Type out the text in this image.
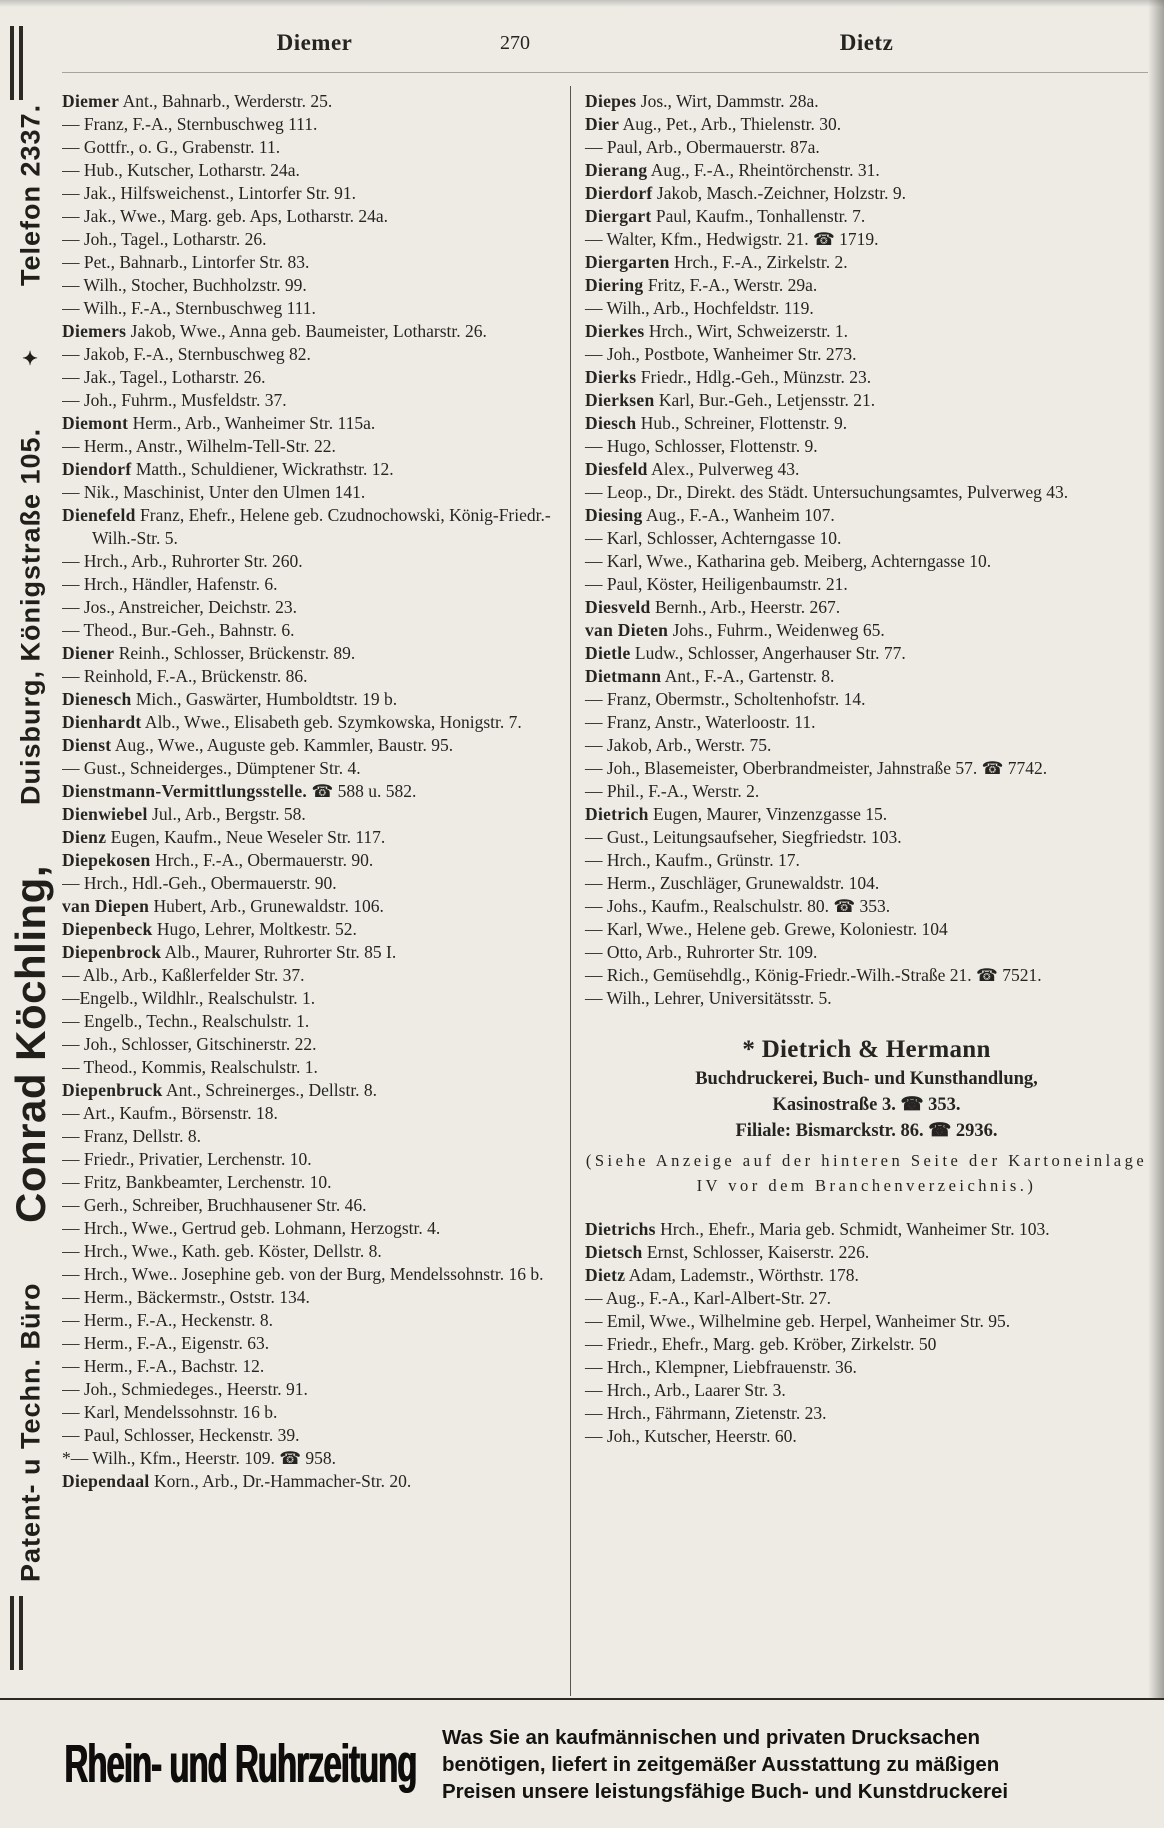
Patent- u Techn. Büro
Conrad Köchling,
Duisburg, Königstraße 105.
✦
Telefon 2337.
Diemer	270	Dietz
Diemer Ant., Bahnarb., Werderstr. 25.
— Franz, F.-A., Sternbuschweg 111.
— Gottfr., o. G., Grabenstr. 11.
— Hub., Kutscher, Lotharstr. 24a.
— Jak., Hilfsweichenst., Lintorfer Str. 91.
— Jak., Wwe., Marg. geb. Aps, Lotharstr. 24a.
— Joh., Tagel., Lotharstr. 26.
— Pet., Bahnarb., Lintorfer Str. 83.
— Wilh., Stocher, Buchholzstr. 99.
— Wilh., F.-A., Sternbuschweg 111.
Diemers Jakob, Wwe., Anna geb. Baumeister, Lotharstr. 26.
— Jakob, F.-A., Sternbuschweg 82.
— Jak., Tagel., Lotharstr. 26.
— Joh., Fuhrm., Musfeldstr. 37.
Diemont Herm., Arb., Wanheimer Str. 115a.
— Herm., Anstr., Wilhelm-Tell-Str. 22.
Diendorf Matth., Schuldiener, Wickrathstr. 12.
— Nik., Maschinist, Unter den Ulmen 141.
Dienefeld Franz, Ehefr., Helene geb. Czudnochowski, König-Friedr.-Wilh.-Str. 5.
— Hrch., Arb., Ruhrorter Str. 260.
— Hrch., Händler, Hafenstr. 6.
— Jos., Anstreicher, Deichstr. 23.
— Theod., Bur.-Geh., Bahnstr. 6.
Diener Reinh., Schlosser, Brückenstr. 89.
— Reinhold, F.-A., Brückenstr. 86.
Dienesch Mich., Gaswärter, Humboldtstr. 19 b.
Dienhardt Alb., Wwe., Elisabeth geb. Szymkowska, Honigstr. 7.
Dienst Aug., Wwe., Auguste geb. Kammler, Baustr. 95.
— Gust., Schneiderges., Dümptener Str. 4.
Dienstmann-Vermittlungsstelle. ☎ 588 u. 582.
Dienwiebel Jul., Arb., Bergstr. 58.
Dienz Eugen, Kaufm., Neue Weseler Str. 117.
Diepekosen Hrch., F.-A., Obermauerstr. 90.
— Hrch., Hdl.-Geh., Obermauerstr. 90.
van Diepen Hubert, Arb., Grunewaldstr. 106.
Diepenbeck Hugo, Lehrer, Moltkestr. 52.
Diepenbrock Alb., Maurer, Ruhrorter Str. 85 I.
— Alb., Arb., Kaßlerfelder Str. 37.
—Engelb., Wildhlr., Realschulstr. 1.
— Engelb., Techn., Realschulstr. 1.
— Joh., Schlosser, Gitschinerstr. 22.
— Theod., Kommis, Realschulstr. 1.
Diepenbruck Ant., Schreinerges., Dellstr. 8.
— Art., Kaufm., Börsenstr. 18.
— Franz, Dellstr. 8.
— Friedr., Privatier, Lerchenstr. 10.
— Fritz, Bankbeamter, Lerchenstr. 10.
— Gerh., Schreiber, Bruchhausener Str. 46.
— Hrch., Wwe., Gertrud geb. Lohmann, Herzogstr. 4.
— Hrch., Wwe., Kath. geb. Köster, Dellstr. 8.
— Hrch., Wwe.. Josephine geb. von der Burg, Mendelssohnstr. 16 b.
— Herm., Bäckermstr., Oststr. 134.
— Herm., F.-A., Heckenstr. 8.
— Herm., F.-A., Eigenstr. 63.
— Herm., F.-A., Bachstr. 12.
— Joh., Schmiedeges., Heerstr. 91.
— Karl, Mendelssohnstr. 16 b.
— Paul, Schlosser, Heckenstr. 39.
*— Wilh., Kfm., Heerstr. 109. ☎ 958.
Diependaal Korn., Arb., Dr.-Hammacher-Str. 20.
Diepes Jos., Wirt, Dammstr. 28a.
Dier Aug., Pet., Arb., Thielenstr. 30.
— Paul, Arb., Obermauerstr. 87a.
Dierang Aug., F.-A., Rheintörchenstr. 31.
Dierdorf Jakob, Masch.-Zeichner, Holzstr. 9.
Diergart Paul, Kaufm., Tonhallenstr. 7.
— Walter, Kfm., Hedwigstr. 21. ☎ 1719.
Diergarten Hrch., F.-A., Zirkelstr. 2.
Diering Fritz, F.-A., Werstr. 29a.
— Wilh., Arb., Hochfeldstr. 119.
Dierkes Hrch., Wirt, Schweizerstr. 1.
— Joh., Postbote, Wanheimer Str. 273.
Dierks Friedr., Hdlg.-Geh., Münzstr. 23.
Dierksen Karl, Bur.-Geh., Letjensstr. 21.
Diesch Hub., Schreiner, Flottenstr. 9.
— Hugo, Schlosser, Flottenstr. 9.
Diesfeld Alex., Pulverweg 43.
— Leop., Dr., Direkt. des Städt. Untersuchungsamtes, Pulverweg 43.
Diesing Aug., F.-A., Wanheim 107.
— Karl, Schlosser, Achterngasse 10.
— Karl, Wwe., Katharina geb. Meiberg, Achterngasse 10.
— Paul, Köster, Heiligenbaumstr. 21.
Diesveld Bernh., Arb., Heerstr. 267.
van Dieten Johs., Fuhrm., Weidenweg 65.
Dietle Ludw., Schlosser, Angerhauser Str. 77.
Dietmann Ant., F.-A., Gartenstr. 8.
— Franz, Obermstr., Scholtenhofstr. 14.
— Franz, Anstr., Waterloostr. 11.
— Jakob, Arb., Werstr. 75.
— Joh., Blasemeister, Oberbrandmeister, Jahnstraße 57. ☎ 7742.
— Phil., F.-A., Werstr. 2.
Dietrich Eugen, Maurer, Vinzenzgasse 15.
— Gust., Leitungsaufseher, Siegfriedstr. 103.
— Hrch., Kaufm., Grünstr. 17.
— Herm., Zuschläger, Grunewaldstr. 104.
— Johs., Kaufm., Realschulstr. 80. ☎ 353.
— Karl, Wwe., Helene geb. Grewe, Koloniestr. 104
— Otto, Arb., Ruhrorter Str. 109.
— Rich., Gemüsehdlg., König-Friedr.-Wilh.-Straße 21. ☎ 7521.
— Wilh., Lehrer, Universitätsstr. 5.
* Dietrich & Hermann
Buchdruckerei, Buch- und Kunsthandlung,
Kasinostraße 3. ☎ 353.
Filiale: Bismarckstr. 86. ☎ 2936.
(Siehe Anzeige auf der hinteren Seite der Kartoneinlage IV vor dem Branchenverzeichnis.)
Dietrichs Hrch., Ehefr., Maria geb. Schmidt, Wanheimer Str. 103.
Dietsch Ernst, Schlosser, Kaiserstr. 226.
Dietz Adam, Lademstr., Wörthstr. 178.
— Aug., F.-A., Karl-Albert-Str. 27.
— Emil, Wwe., Wilhelmine geb. Herpel, Wanheimer Str. 95.
— Friedr., Ehefr., Marg. geb. Kröber, Zirkelstr. 50
— Hrch., Klempner, Liebfrauenstr. 36.
— Hrch., Arb., Laarer Str. 3.
— Hrch., Fährmann, Zietenstr. 23.
— Joh., Kutscher, Heerstr. 60.
Rhein- und Ruhrzeitung Was Sie an kaufmännischen und privaten Drucksachen
benötigen, liefert in zeitgemäßer Ausstattung zu mäßigen
Preisen unsere leistungsfähige Buch- und Kunstdruckerei
